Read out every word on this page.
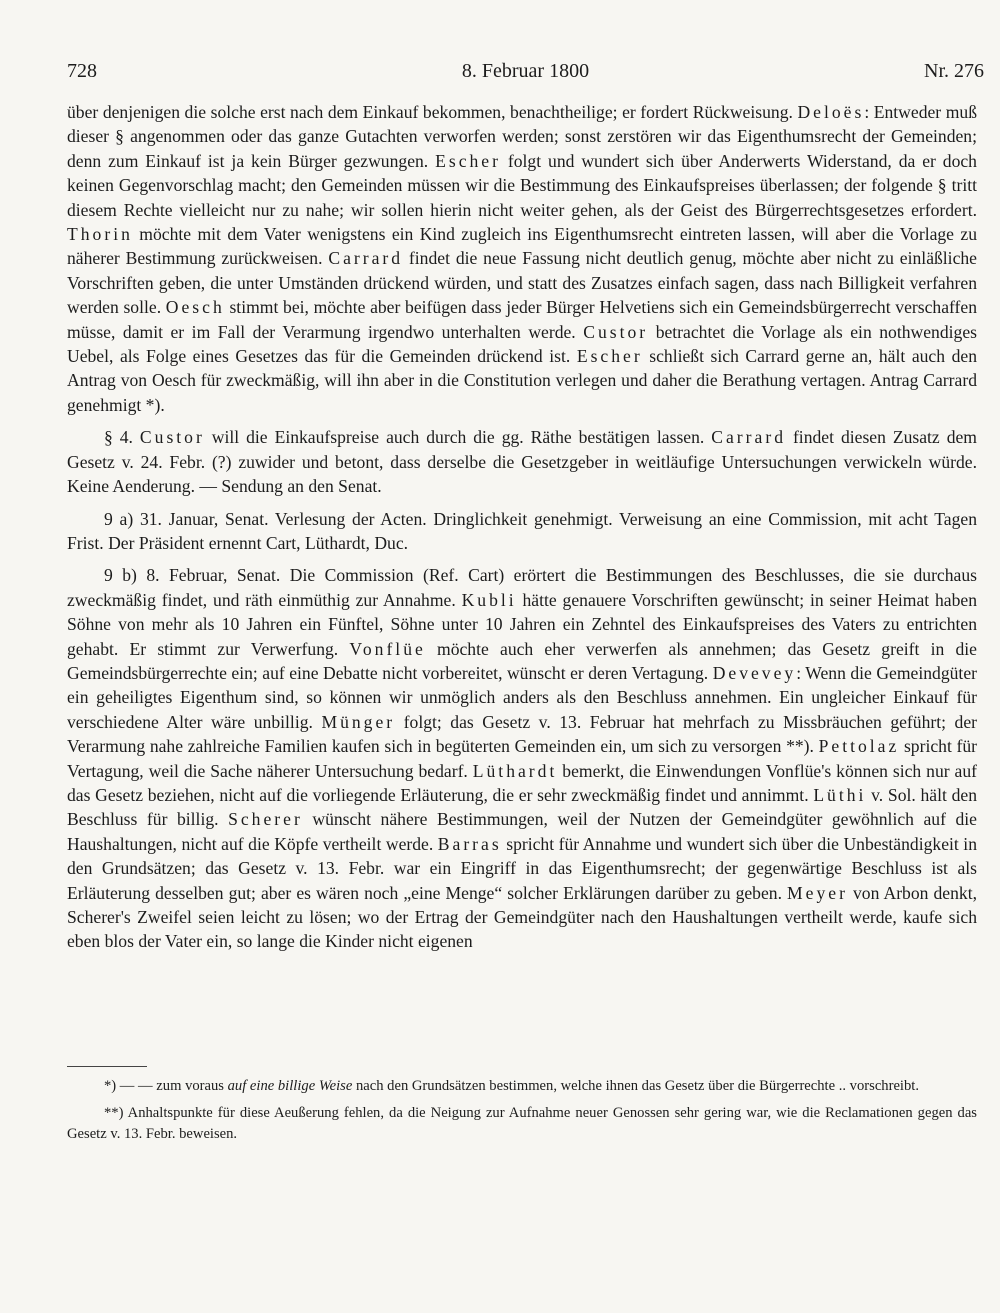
728	8. Februar 1800	Nr. 276

über denjenigen die solche erst nach dem Einkauf bekommen, benachtheilige; er fordert Rückweisung. Deloës: Entweder muß dieser § angenommen oder das ganze Gutachten verworfen werden; sonst zerstören wir das Eigenthumsrecht der Gemeinden; denn zum Einkauf ist ja kein Bürger gezwungen. Escher folgt und wundert sich über Anderwerts Widerstand, da er doch keinen Gegenvorschlag macht; den Gemeinden müssen wir die Bestimmung des Einkaufspreises überlassen; der folgende § tritt diesem Rechte vielleicht nur zu nahe; wir sollen hierin nicht weiter gehen, als der Geist des Bürgerrechtsgesetzes erfordert. Thorin möchte mit dem Vater wenigstens ein Kind zugleich ins Eigenthumsrecht eintreten lassen, will aber die Vorlage zu näherer Bestimmung zurückweisen. Carrard findet die neue Fassung nicht deutlich genug, möchte aber nicht zu einläßliche Vorschriften geben, die unter Umständen drückend würden, und statt des Zusatzes einfach sagen, dass nach Billigkeit verfahren werden solle. Oesch stimmt bei, möchte aber beifügen dass jeder Bürger Helvetiens sich ein Gemeindsbürgerrecht verschaffen müsse, damit er im Fall der Verarmung irgendwo unterhalten werde. Custor betrachtet die Vorlage als ein nothwendiges Uebel, als Folge eines Gesetzes das für die Gemeinden drückend ist. Escher schließt sich Carrard gerne an, hält auch den Antrag von Oesch für zweckmäßig, will ihn aber in die Constitution verlegen und daher die Berathung vertagen. Antrag Carrard genehmigt *).

§ 4. Custor will die Einkaufspreise auch durch die gg. Räthe bestätigen lassen. Carrard findet diesen Zusatz dem Gesetz v. 24. Febr. (?) zuwider und betont, dass derselbe die Gesetzgeber in weitläufige Untersuchungen verwickeln würde. Keine Aenderung. — Sendung an den Senat.

9 a) 31. Januar, Senat. Verlesung der Acten. Dringlichkeit genehmigt. Verweisung an eine Commission, mit acht Tagen Frist. Der Präsident ernennt Cart, Lüthardt, Duc.

9 b) 8. Februar, Senat. Die Commission (Ref. Cart) erörtert die Bestimmungen des Beschlusses, die sie durchaus zweckmäßig findet, und räth einmüthig zur Annahme. Kubli hätte genauere Vorschriften gewünscht; in seiner Heimat haben Söhne von mehr als 10 Jahren ein Fünftel, Söhne unter 10 Jahren ein Zehntel des Einkaufspreises des Vaters zu entrichten gehabt. Er stimmt zur Verwerfung. Vonflüe möchte auch eher verwerfen als annehmen; das Gesetz greift in die Gemeindsbürgerrechte ein; auf eine Debatte nicht vorbereitet, wünscht er deren Vertagung. Devevey: Wenn die Gemeindgüter ein geheiligtes Eigenthum sind, so können wir unmöglich anders als den Beschluss annehmen. Ein ungleicher Einkauf für verschiedene Alter wäre unbillig. Münger folgt; das Gesetz v. 13. Februar hat mehrfach zu Missbräuchen geführt; der Verarmung nahe zahlreiche Familien kaufen sich in begüterten Gemeinden ein, um sich zu versorgen **). Pettolaz spricht für Vertagung, weil die Sache näherer Untersuchung bedarf. Lüthardt bemerkt, die Einwendungen Vonflüe's können sich nur auf das Gesetz beziehen, nicht auf die vorliegende Erläuterung, die er sehr zweckmäßig findet und annimmt. Lüthi v. Sol. hält den Beschluss für billig. Scherer wünscht nähere Bestimmungen, weil der Nutzen der Gemeindgüter gewöhnlich auf die Haushaltungen, nicht auf die Köpfe vertheilt werde. Barras spricht für Annahme und wundert sich über die Unbeständigkeit in den Grundsätzen; das Gesetz v. 13. Febr. war ein Eingriff in das Eigenthumsrecht; der gegenwärtige Beschluss ist als Erläuterung desselben gut; aber es wären noch „eine Menge“ solcher Erklärungen darüber zu geben. Meyer von Arbon denkt, Scherer's Zweifel seien leicht zu lösen; wo der Ertrag der Gemeindgüter nach den Haushaltungen vertheilt werde, kaufe sich eben blos der Vater ein, so lange die Kinder nicht eigenen

*) — — zum voraus auf eine billige Weise nach den Grundsätzen bestimmen, welche ihnen das Gesetz über die Bürgerrechte .. vorschreibt.

**) Anhaltspunkte für diese Aeußerung fehlen, da die Neigung zur Aufnahme neuer Genossen sehr gering war, wie die Reclamationen gegen das Gesetz v. 13. Febr. beweisen.
